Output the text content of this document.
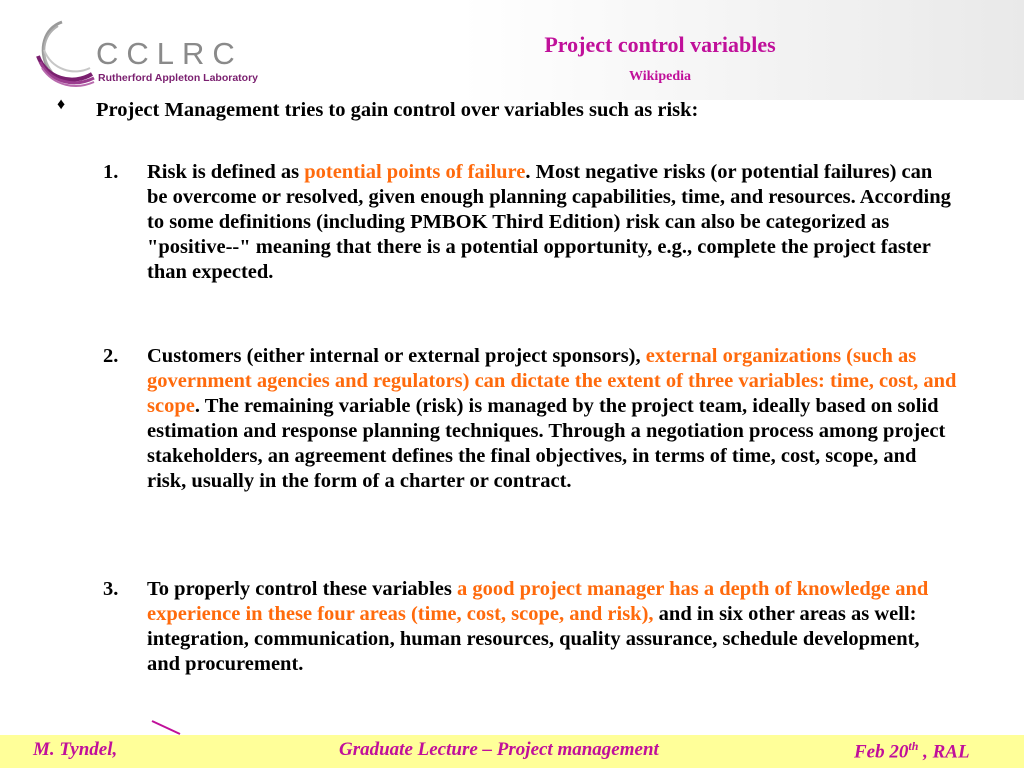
CCLRC
Rutherford Appleton Laboratory
Project control variables
Wikipedia
♦ Project Management tries to gain control over variables such as risk:

1. Risk is defined as potential points of failure. Most negative risks (or potential failures) can be overcome or resolved, given enough planning capabilities, time, and resources. According to some definitions (including PMBOK Third Edition) risk can also be categorized as "positive--" meaning that there is a potential opportunity, e.g., complete the project faster than expected.

2. Customers (either internal or external project sponsors), external organizations (such as government agencies and regulators) can dictate the extent of three variables: time, cost, and scope. The remaining variable (risk) is managed by the project team, ideally based on solid estimation and response planning techniques. Through a negotiation process among project stakeholders, an agreement defines the final objectives, in terms of time, cost, scope, and risk, usually in the form of a charter or contract.

3. To properly control these variables a good project manager has a depth of knowledge and experience in these four areas (time, cost, scope, and risk), and in six other areas as well: integration, communication, human resources, quality assurance, schedule development, and procurement.

M. Tyndel,	Graduate Lecture – Project management	Feb 20th , RAL
